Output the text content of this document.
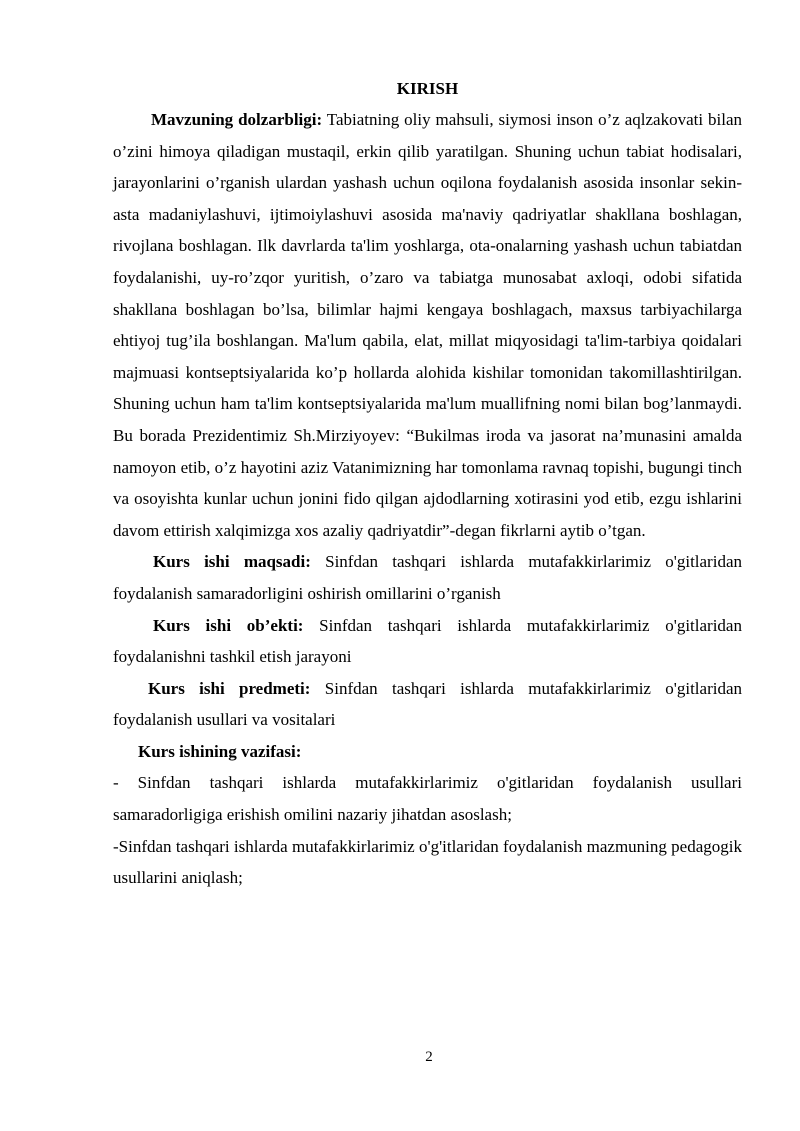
KIRISH

Mavzuning dolzarbligi: Tabiatning oliy mahsuli, siymosi inson o’z aqlzakovati bilan o’zini himoya qiladigan mustaqil, erkin qilib yaratilgan. Shuning uchun tabiat hodisalari, jarayonlarini o’rganish ulardan yashash uchun oqilona foydalanish asosida insonlar sekin-asta madaniylashuvi, ijtimoiylashuvi asosida ma'naviy qadriyatlar shakllana boshlagan, rivojlana boshlagan. Ilk davrlarda ta'lim yoshlarga, ota-onalarning yashash uchun tabiatdan foydalanishi, uy-ro’zqor yuritish, o’zaro va tabiatga munosabat axloqi, odobi sifatida shakllana boshlagan bo’lsa, bilimlar hajmi kengaya boshlagach, maxsus tarbiyachilarga ehtiyoj tug’ila boshlangan. Ma'lum qabila, elat, millat miqyosidagi ta'lim-tarbiya qoidalari majmuasi kontseptsiyalarida ko’p hollarda alohida kishilar tomonidan takomillashtirilgan. Shuning uchun ham ta'lim kontseptsiyalarida ma'lum muallifning nomi bilan bog’lanmaydi. Bu borada Prezidentimiz Sh.Mirziyoyev: “Bukilmas iroda va jasorat na’munasini amalda namoyon etib, o’z hayotini aziz Vatanimizning har tomonlama ravnaq topishi, bugungi tinch va osoyishta kunlar uchun jonini fido qilgan ajdodlarning xotirasini yod etib, ezgu ishlarini davom ettirish xalqimizga xos azaliy qadriyatdir”-degan fikrlarni aytib o’tgan.

Kurs ishi maqsadi: Sinfdan tashqari ishlarda mutafakkirlarimiz o'gitlaridan foydalanish samaradorligini oshirish omillarini o’rganish

Kurs ishi ob’ekti: Sinfdan tashqari ishlarda mutafakkirlarimiz o'gitlaridan foydalanishni tashkil etish jarayoni

Kurs ishi predmeti: Sinfdan tashqari ishlarda mutafakkirlarimiz o'gitlaridan foydalanish usullari va vositalari

Kurs ishining vazifasi:

- Sinfdan tashqari ishlarda mutafakkirlarimiz o'gitlaridan foydalanish usullari samaradorligiga erishish omilini nazariy jihatdan asoslash;

-Sinfdan tashqari ishlarda mutafakkirlarimiz o'g'itlaridan foydalanish mazmuning pedagogik usullarini aniqlash;

2
